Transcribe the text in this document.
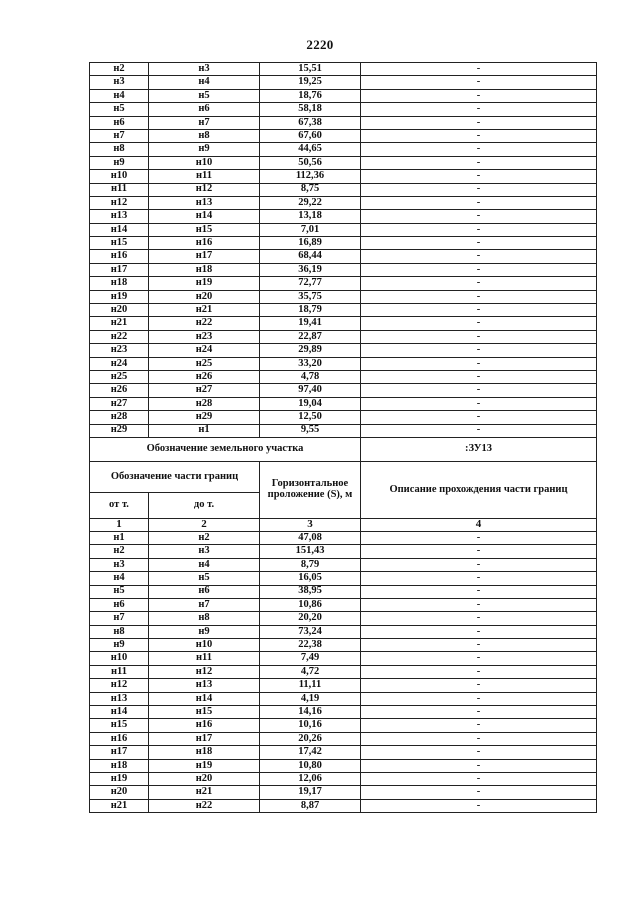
2220
н2	н3	15,51	-
н3	н4	19,25	-
н4	н5	18,76	-
н5	н6	58,18	-
н6	н7	67,38	-
н7	н8	67,60	-
н8	н9	44,65	-
н9	н10	50,56	-
н10	н11	112,36	-
н11	н12	8,75	-
н12	н13	29,22	-
н13	н14	13,18	-
н14	н15	7,01	-
н15	н16	16,89	-
н16	н17	68,44	-
н17	н18	36,19	-
н18	н19	72,77	-
н19	н20	35,75	-
н20	н21	18,79	-
н21	н22	19,41	-
н22	н23	22,87	-
н23	н24	29,89	-
н24	н25	33,20	-
н25	н26	4,78	-
н26	н27	97,40	-
н27	н28	19,04	-
н28	н29	12,50	-
н29	н1	9,55	-
Обозначение земельного участка			:ЗУ13
Обозначение части границ		Горизонтальное проложение (S), м	Описание прохождения части границ
от т.	до т.		
1	2	3	4
н1	н2	47,08	-
н2	н3	151,43	-
н3	н4	8,79	-
н4	н5	16,05	-
н5	н6	38,95	-
н6	н7	10,86	-
н7	н8	20,20	-
н8	н9	73,24	-
н9	н10	22,38	-
н10	н11	7,49	-
н11	н12	4,72	-
н12	н13	11,11	-
н13	н14	4,19	-
н14	н15	14,16	-
н15	н16	10,16	-
н16	н17	20,26	-
н17	н18	17,42	-
н18	н19	10,80	-
н19	н20	12,06	-
н20	н21	19,17	-
н21	н22	8,87	-
